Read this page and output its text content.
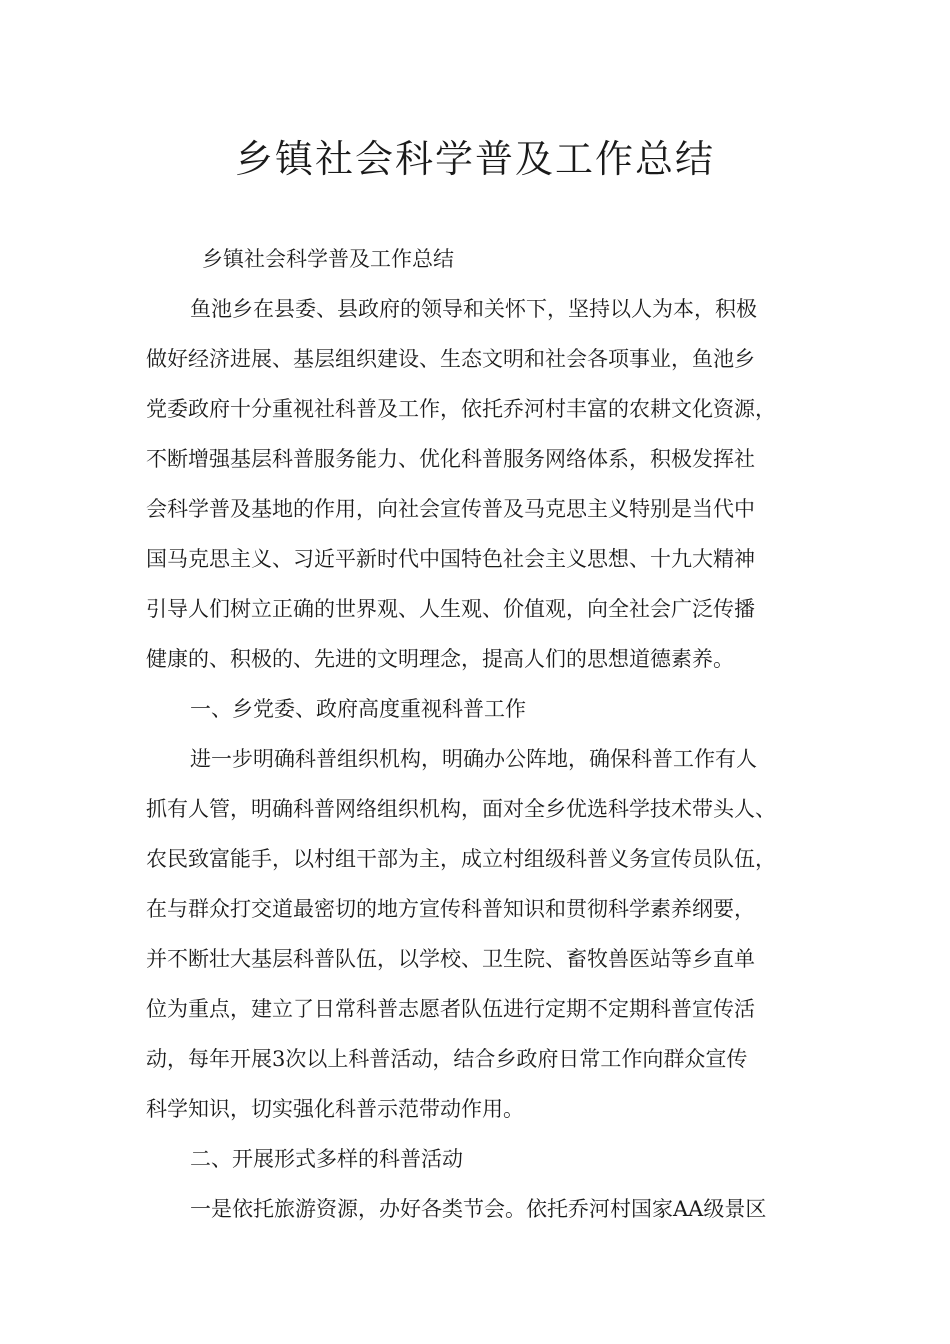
乡镇社会科学普及工作总结

乡镇社会科学普及工作总结

鱼池乡在县委、县政府的领导和关怀下，坚持以人为本，积极

做好经济进展、基层组织建设、生态文明和社会各项事业，鱼池乡

党委政府十分重视社科普及工作，依托乔河村丰富的农耕文化资源，

不断增强基层科普服务能力、优化科普服务网络体系，积极发挥社

会科学普及基地的作用，向社会宣传普及马克思主义特别是当代中

国马克思主义、习近平新时代中国特色社会主义思想、十九大精神

引导人们树立正确的世界观、人生观、价值观，向全社会广泛传播

健康的、积极的、先进的文明理念，提高人们的思想道德素养。

一、乡党委、政府高度重视科普工作

进一步明确科普组织机构，明确办公阵地，确保科普工作有人

抓有人管，明确科普网络组织机构，面对全乡优选科学技术带头人、

农民致富能手，以村组干部为主，成立村组级科普义务宣传员队伍，

在与群众打交道最密切的地方宣传科普知识和贯彻科学素养纲要，

并不断壮大基层科普队伍，以学校、卫生院、畜牧兽医站等乡直单

位为重点，建立了日常科普志愿者队伍进行定期不定期科普宣传活

动，每年开展3次以上科普活动，结合乡政府日常工作向群众宣传

科学知识，切实强化科普示范带动作用。

二、开展形式多样的科普活动

一是依托旅游资源，办好各类节会。依托乔河村国家AA级景区
